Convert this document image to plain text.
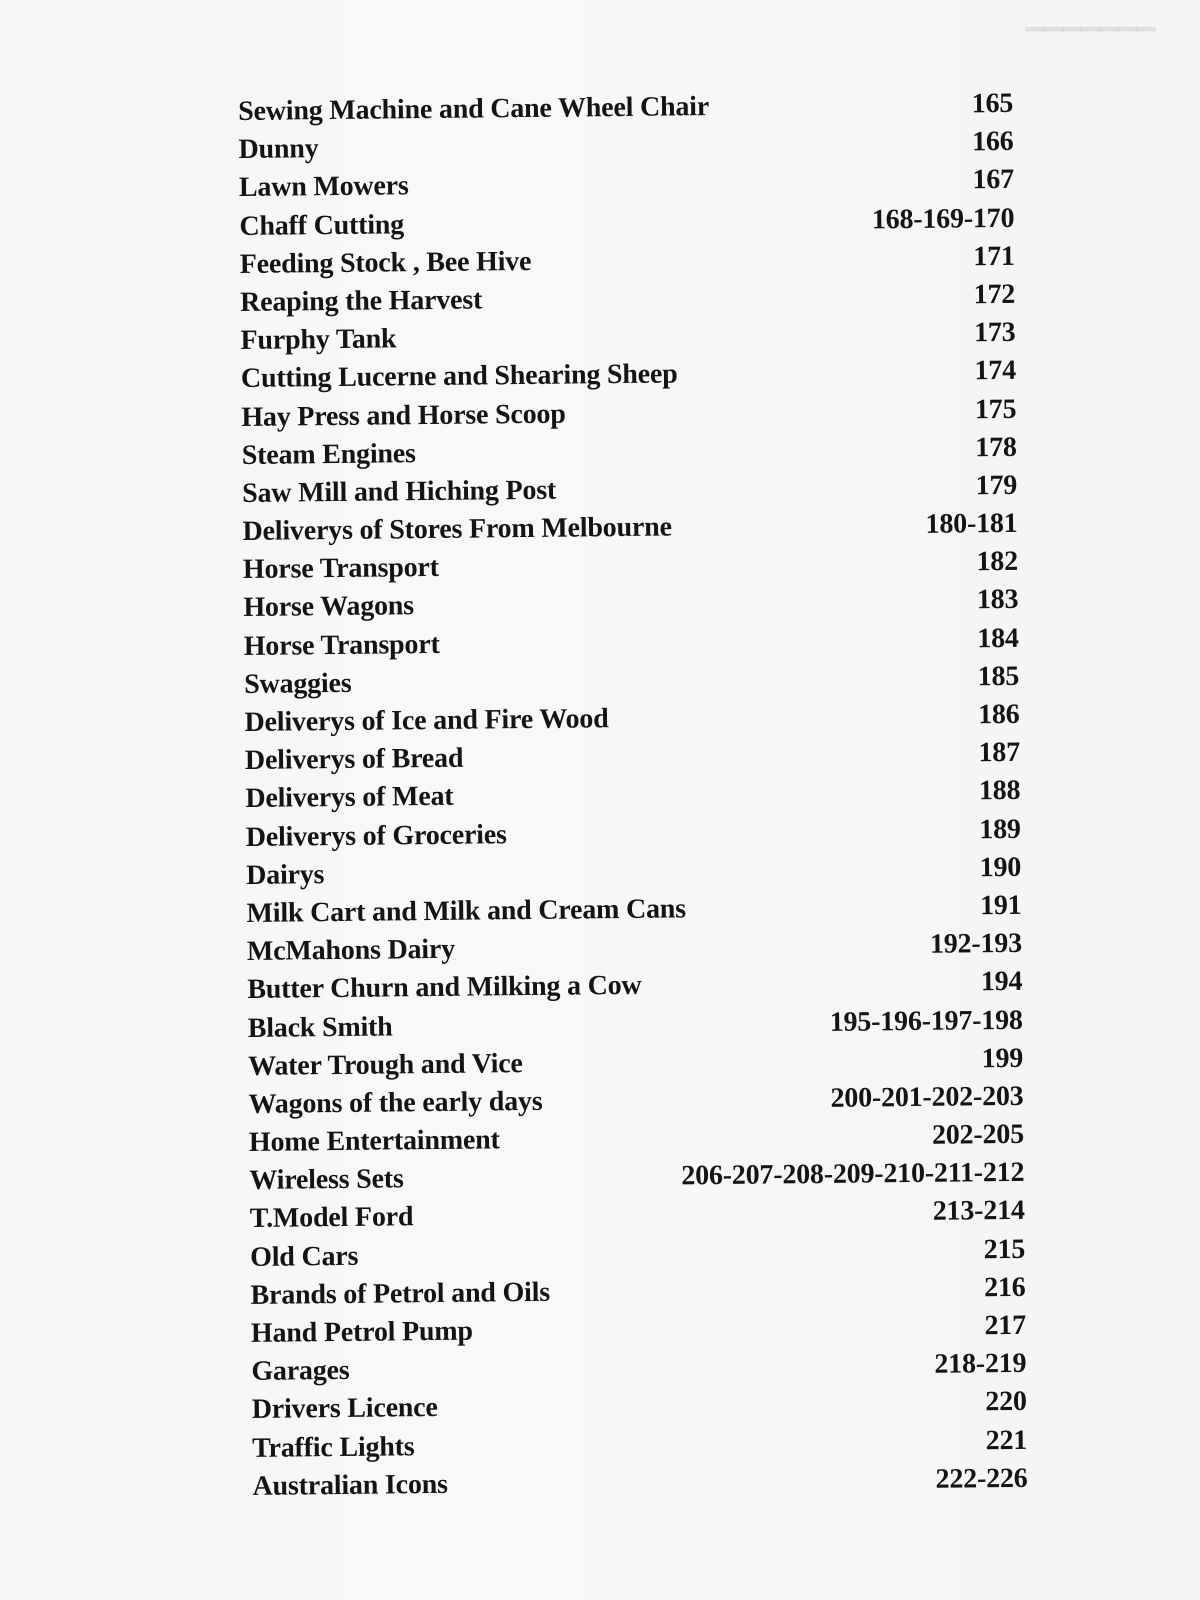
▁▁▁▁▁▁▁
Sewing Machine and Cane Wheel Chair	165
Dunny	166
Lawn Mowers	167
Chaff Cutting	168-169-170
Feeding Stock , Bee Hive	171
Reaping the Harvest	172
Furphy Tank	173
Cutting Lucerne and Shearing Sheep	174
Hay Press and Horse Scoop	175
Steam Engines	178
Saw Mill and Hiching Post	179
Deliverys of Stores From Melbourne	180-181
Horse Transport	182
Horse Wagons	183
Horse Transport	184
Swaggies	185
Deliverys of Ice and Fire Wood	186
Deliverys of Bread	187
Deliverys of Meat	188
Deliverys of Groceries	189
Dairys	190
Milk Cart and Milk and Cream Cans	191
McMahons Dairy	192-193
Butter Churn and Milking a Cow	194
Black Smith	195-196-197-198
Water Trough and Vice	199
Wagons of the early days	200-201-202-203
Home Entertainment	202-205
Wireless Sets	206-207-208-209-210-211-212
T.Model Ford	213-214
Old Cars	215
Brands of Petrol and Oils	216
Hand Petrol Pump	217
Garages	218-219
Drivers Licence	220
Traffic Lights	221
Australian Icons	222-226
